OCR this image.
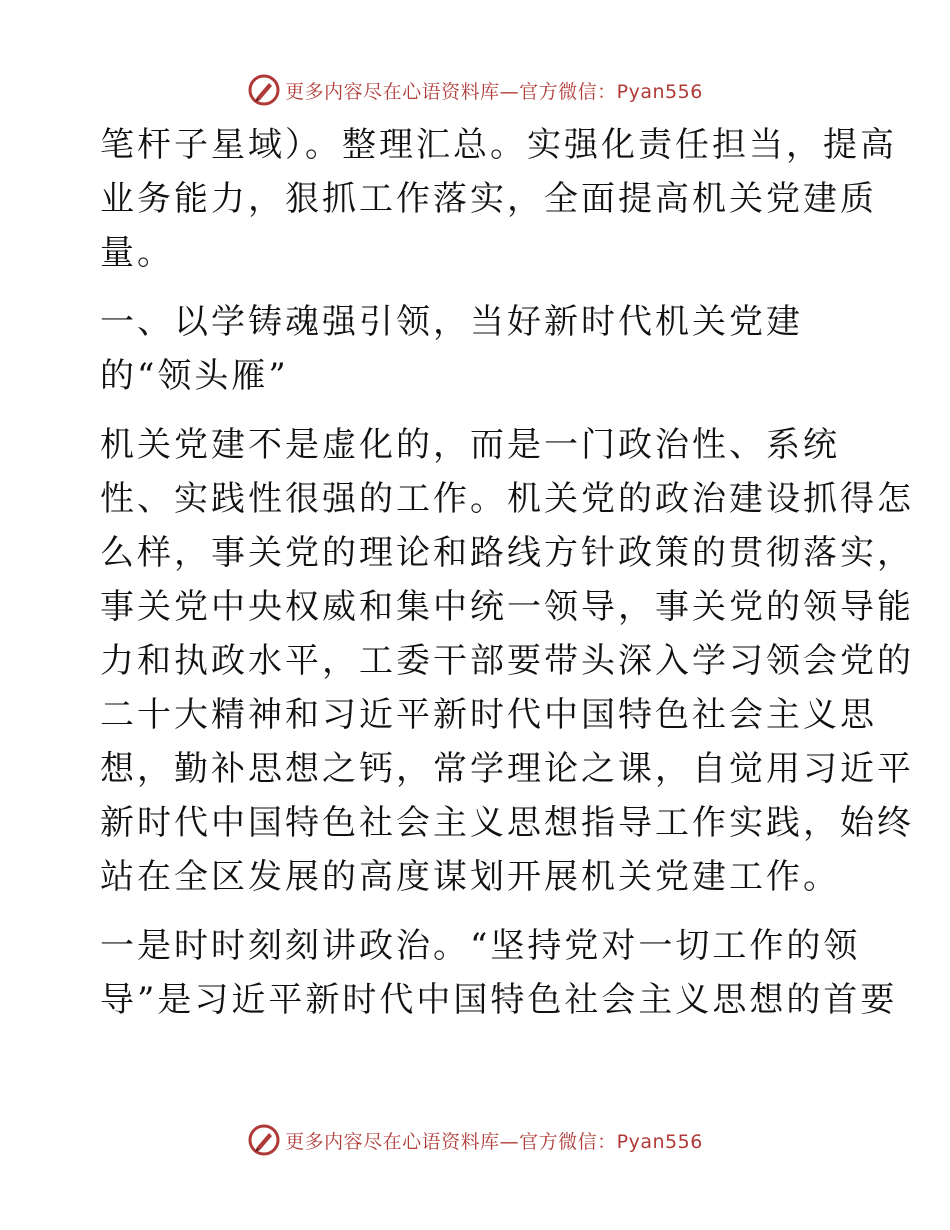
更多内容尽在心语资料库—官方微信：Pyan556

笔杆子星域）。整理汇总。实强化责任担当，提高
业务能力，狠抓工作落实，全面提高机关党建质
量。

一、以学铸魂强引领，当好新时代机关党建
的“领头雁”

机关党建不是虚化的，而是一门政治性、系统
性、实践性很强的工作。机关党的政治建设抓得怎
么样，事关党的理论和路线方针政策的贯彻落实，
事关党中央权威和集中统一领导，事关党的领导能
力和执政水平，工委干部要带头深入学习领会党的
二十大精神和习近平新时代中国特色社会主义思
想，勤补思想之钙，常学理论之课，自觉用习近平
新时代中国特色社会主义思想指导工作实践，始终
站在全区发展的高度谋划开展机关党建工作。

一是时时刻刻讲政治。“坚持党对一切工作的领
导”是习近平新时代中国特色社会主义思想的首要

更多内容尽在心语资料库—官方微信：Pyan556
